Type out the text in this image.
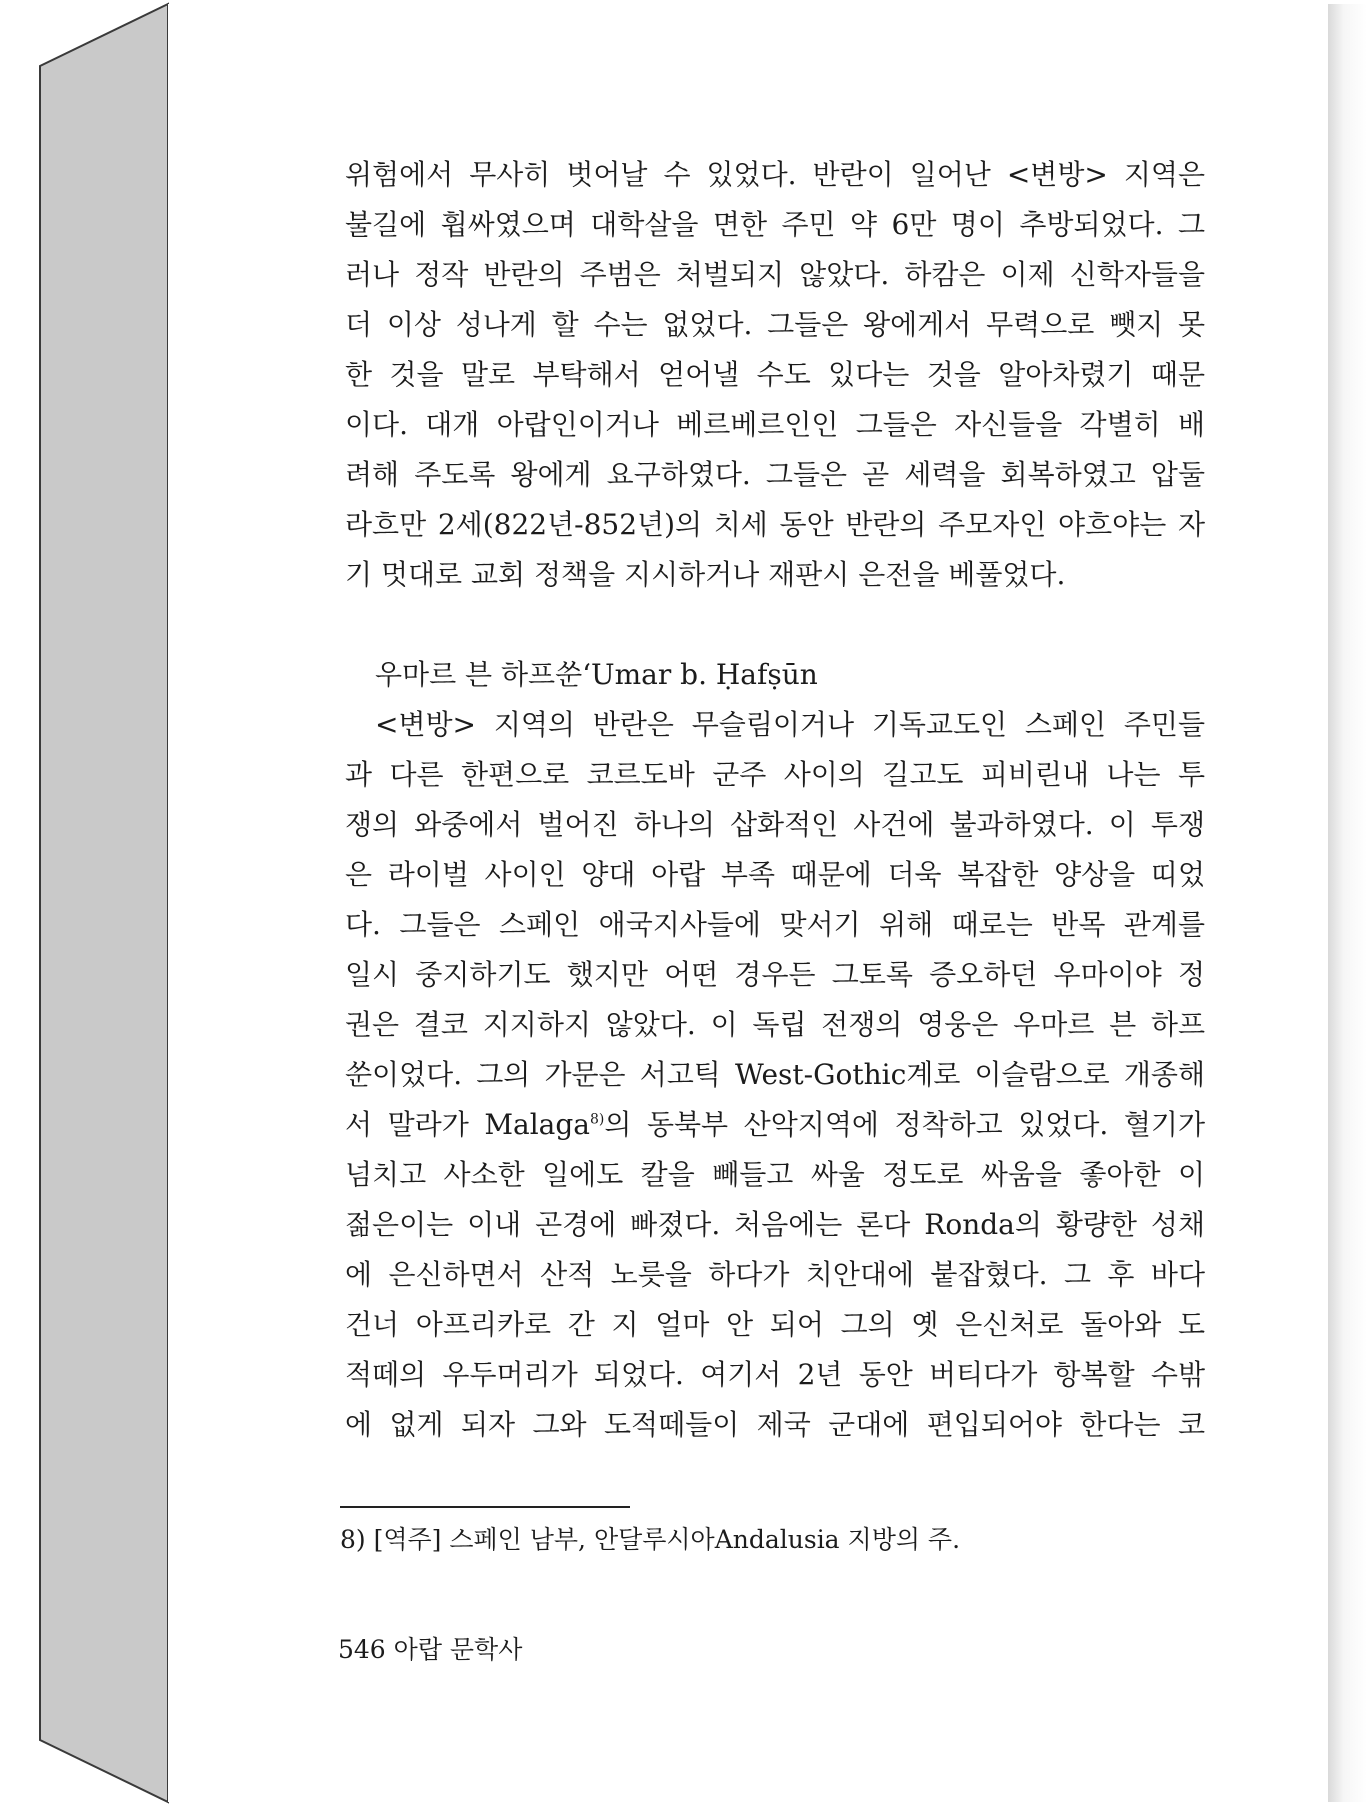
위험에서 무사히 벗어날 수 있었다. 반란이 일어난 <변방> 지역은
불길에 휩싸였으며 대학살을 면한 주민 약 6만 명이 추방되었다. 그
러나 정작 반란의 주범은 처벌되지 않았다. 하캄은 이제 신학자들을
더 이상 성나게 할 수는 없었다. 그들은 왕에게서 무력으로 뺏지 못
한 것을 말로 부탁해서 얻어낼 수도 있다는 것을 알아차렸기 때문
이다. 대개 아랍인이거나 베르베르인인 그들은 자신들을 각별히 배
려해 주도록 왕에게 요구하였다. 그들은 곧 세력을 회복하였고 압둘
라흐만 2세(822년-852년)의 치세 동안 반란의 주모자인 야흐야는 자
기 멋대로 교회 정책을 지시하거나 재판시 은전을 베풀었다.
우마르 븐 하프쑨‘Umar b. Ḥafṣūn
<변방> 지역의 반란은 무슬림이거나 기독교도인 스페인 주민들
과 다른 한편으로 코르도바 군주 사이의 길고도 피비린내 나는 투
쟁의 와중에서 벌어진 하나의 삽화적인 사건에 불과하였다. 이 투쟁
은 라이벌 사이인 양대 아랍 부족 때문에 더욱 복잡한 양상을 띠었
다. 그들은 스페인 애국지사들에 맞서기 위해 때로는 반목 관계를
일시 중지하기도 했지만 어떤 경우든 그토록 증오하던 우마이야 정
권은 결코 지지하지 않았다. 이 독립 전쟁의 영웅은 우마르 븐 하프
쑨이었다. 그의 가문은 서고틱 West-Gothic계로 이슬람으로 개종해
서 말라가 Malaga$^{8)}$의 동북부 산악지역에 정착하고 있었다. 혈기가
넘치고 사소한 일에도 칼을 빼들고 싸울 정도로 싸움을 좋아한 이
젊은이는 이내 곤경에 빠졌다. 처음에는 론다 Ronda의 황량한 성채
에 은신하면서 산적 노릇을 하다가 치안대에 붙잡혔다. 그 후 바다
건너 아프리카로 간 지 얼마 안 되어 그의 옛 은신처로 돌아와 도
적떼의 우두머리가 되었다. 여기서 2년 동안 버티다가 항복할 수밖
에 없게 되자 그와 도적떼들이 제국 군대에 편입되어야 한다는 코
8) [역주] 스페인 남부, 안달루시아Andalusia 지방의 주.
546 아랍 문학사
